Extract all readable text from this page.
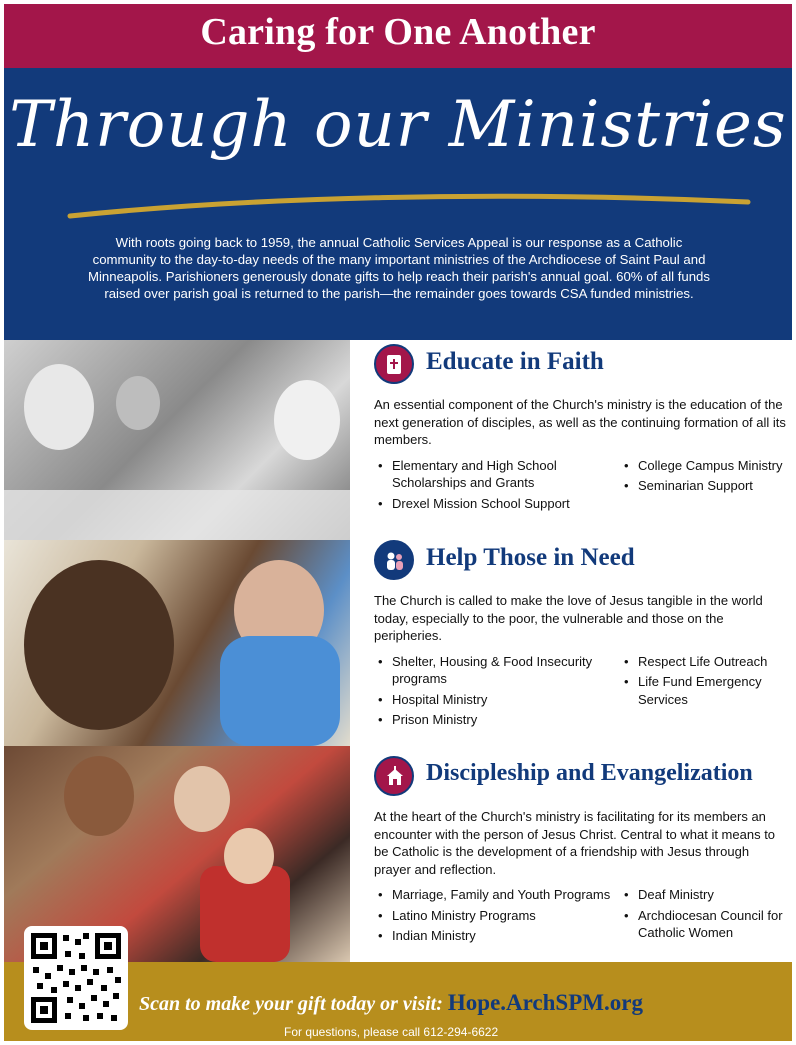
Caring for One Another
Through our Ministries
With roots going back to 1959, the annual Catholic Services Appeal is our response as a Catholic community to the day-to-day needs of the many important ministries of the Archdiocese of Saint Paul and Minneapolis. Parishioners generously donate gifts to help reach their parish's annual goal. 60% of all funds raised over parish goal is returned to the parish—the remainder goes towards CSA funded ministries.
Educate in Faith
An essential component of the Church's ministry is the education of the next generation of disciples, as well as the continuing formation of all its members.
• Elementary and High School Scholarships and Grants
• Drexel Mission School Support
• College Campus Ministry
• Seminarian Support
Help Those in Need
The Church is called to make the love of Jesus tangible in the world today, especially to the poor, the vulnerable and those on the peripheries.
• Shelter, Housing & Food Insecurity programs
• Hospital Ministry
• Prison Ministry
• Respect Life Outreach
• Life Fund Emergency Services
Discipleship and Evangelization
At the heart of the Church's ministry is facilitating for its members an encounter with the person of Jesus Christ. Central to what it means to be Catholic is the development of a friendship with Jesus through prayer and reflection.
• Marriage, Family and Youth Programs
• Latino Ministry Programs
• Indian Ministry
• Deaf Ministry
• Archdiocesan Council for Catholic Women
Scan to make your gift today or visit: Hope.ArchSPM.org
For questions, please call 612-294-6622
